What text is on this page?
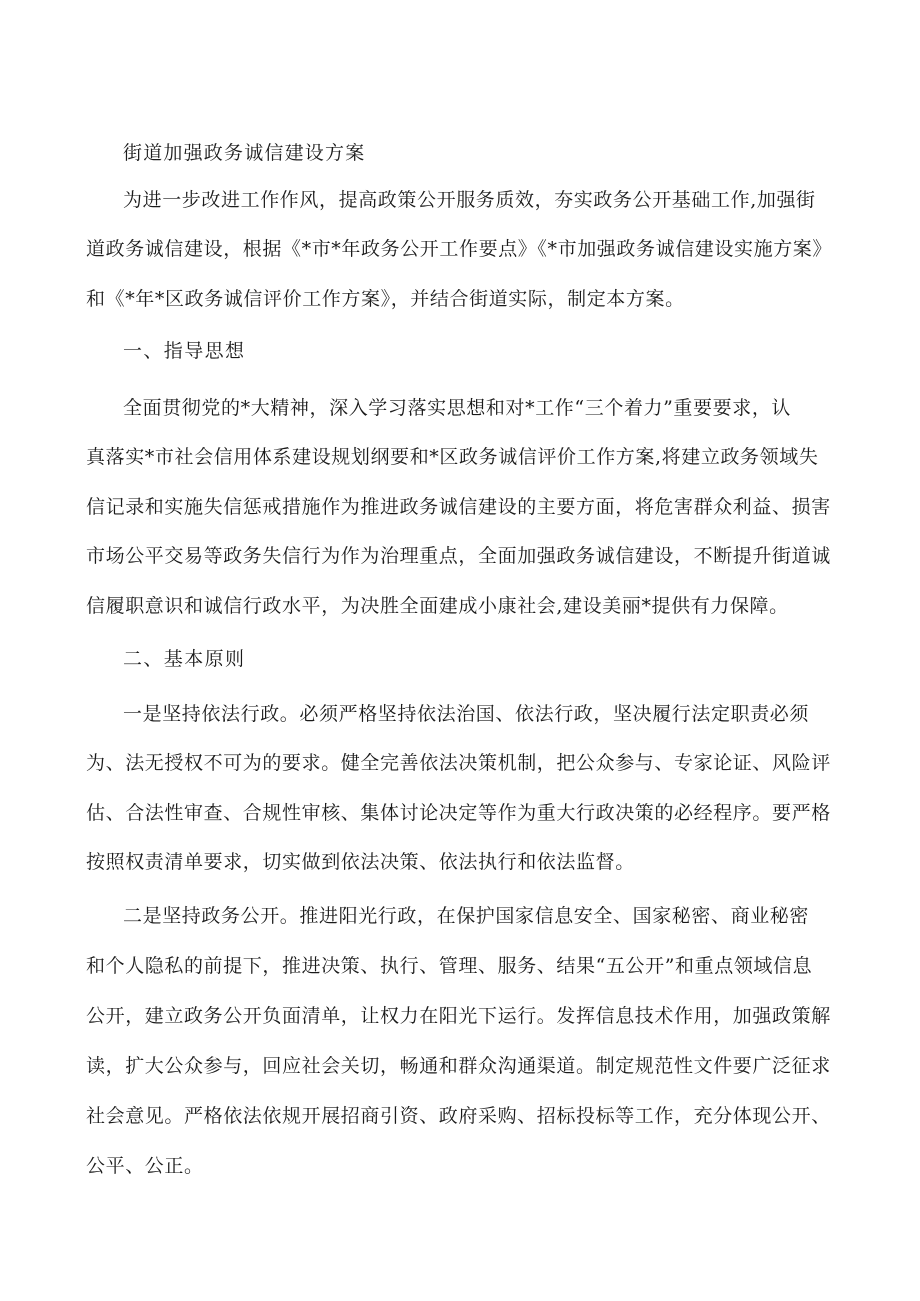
街道加强政务诚信建设方案
为进一步改进工作作风，提高政策公开服务质效，夯实政务公开基础工作,加强街
道政务诚信建设，根据《*市*年政务公开工作要点》《*市加强政务诚信建设实施方案》
和《*年*区政务诚信评价工作方案》，并结合街道实际，制定本方案。
一、指导思想
全面贯彻党的*大精神，深入学习落实思想和对*工作“三个着力”重要要求，认
真落实*市社会信用体系建设规划纲要和*区政务诚信评价工作方案,将建立政务领域失
信记录和实施失信惩戒措施作为推进政务诚信建设的主要方面，将危害群众利益、损害
市场公平交易等政务失信行为作为治理重点，全面加强政务诚信建设，不断提升街道诚
信履职意识和诚信行政水平，为决胜全面建成小康社会,建设美丽*提供有力保障。
二、基本原则
一是坚持依法行政。必须严格坚持依法治国、依法行政，坚决履行法定职责必须
为、法无授权不可为的要求。健全完善依法决策机制，把公众参与、专家论证、风险评
估、合法性审查、合规性审核、集体讨论决定等作为重大行政决策的必经程序。要严格
按照权责清单要求，切实做到依法决策、依法执行和依法监督。
二是坚持政务公开。推进阳光行政，在保护国家信息安全、国家秘密、商业秘密
和个人隐私的前提下，推进决策、执行、管理、服务、结果“五公开”和重点领域信息
公开，建立政务公开负面清单，让权力在阳光下运行。发挥信息技术作用，加强政策解
读，扩大公众参与，回应社会关切，畅通和群众沟通渠道。制定规范性文件要广泛征求
社会意见。严格依法依规开展招商引资、政府采购、招标投标等工作，充分体现公开、
公平、公正。
